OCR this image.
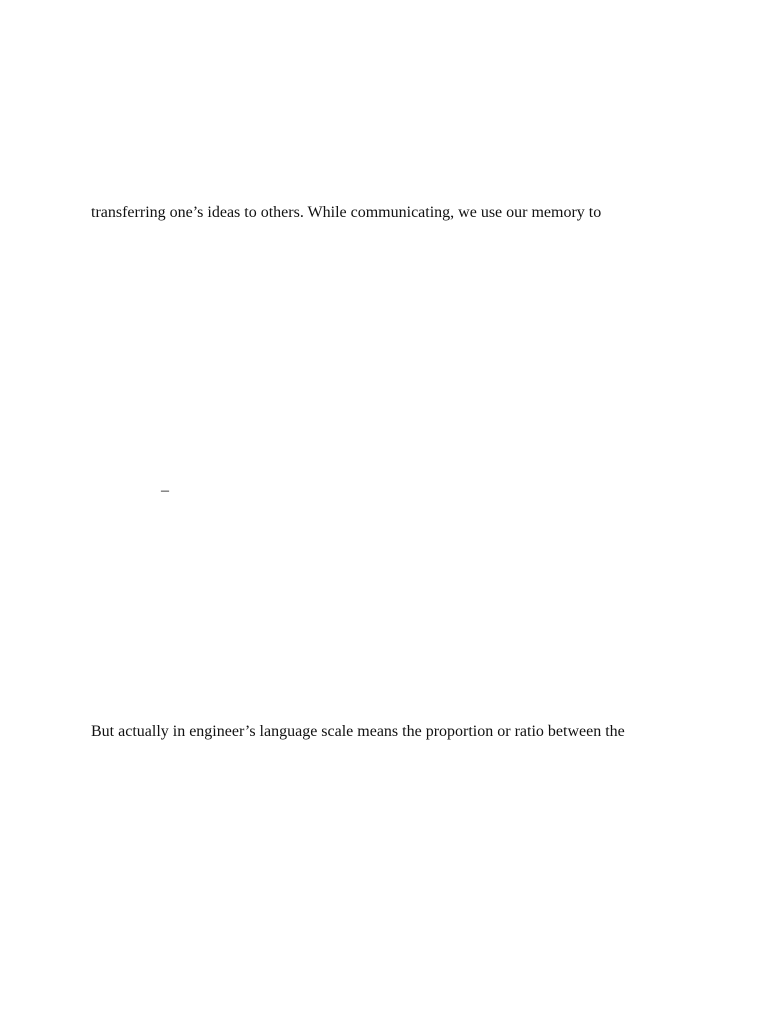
transferring one’s ideas to others. While communicating, we use our memory to
–
But actually in engineer’s language scale means the proportion or ratio between the
